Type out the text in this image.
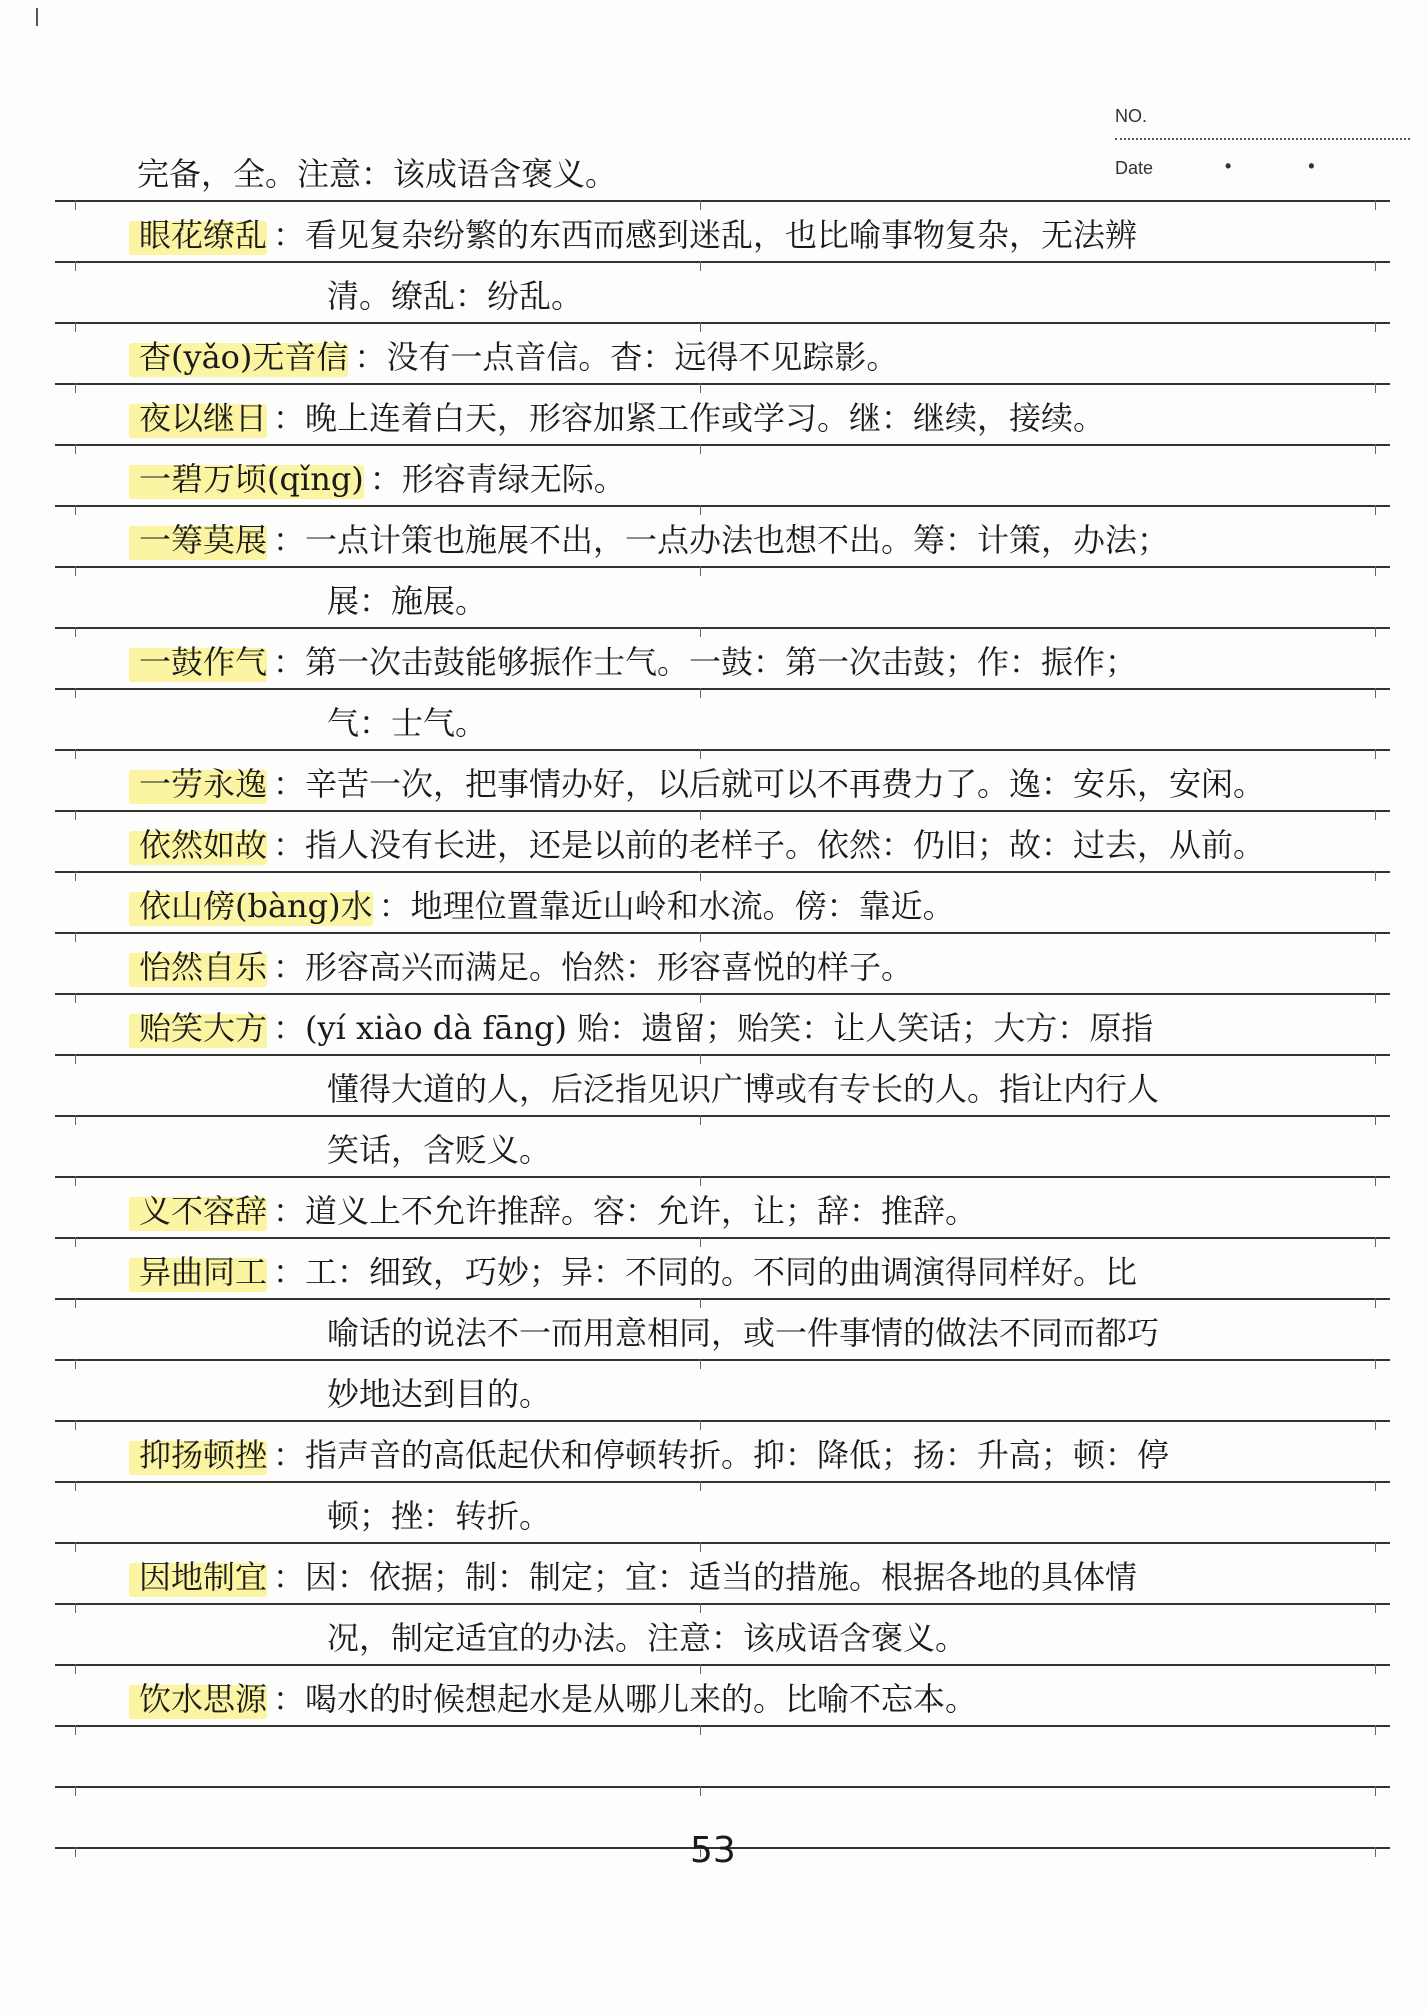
NO.
Date	• •
完备，全。注意：该成语含褒义。
眼花缭乱 ：看见复杂纷繁的东西而感到迷乱，也比喻事物复杂，无法辨
清。缭乱：纷乱。
杳(yǎo)无音信 ：没有一点音信。杳：远得不见踪影。
夜以继日 ：晚上连着白天，形容加紧工作或学习。继：继续，接续。
一碧万顷(qǐng) ：形容青绿无际。
一筹莫展 ：一点计策也施展不出，一点办法也想不出。筹：计策，办法；
展：施展。
一鼓作气 ：第一次击鼓能够振作士气。一鼓：第一次击鼓；作：振作；
气：士气。
一劳永逸 ：辛苦一次，把事情办好，以后就可以不再费力了。逸：安乐，安闲。
依然如故 ：指人没有长进，还是以前的老样子。依然：仍旧；故：过去，从前。
依山傍(bàng)水 ：地理位置靠近山岭和水流。傍：靠近。
怡然自乐 ：形容高兴而满足。怡然：形容喜悦的样子。
贻笑大方 ：(yí xiào dà fāng) 贻：遗留；贻笑：让人笑话；大方：原指
懂得大道的人，后泛指见识广博或有专长的人。指让内行人
笑话，含贬义。
义不容辞 ：道义上不允许推辞。容：允许，让；辞：推辞。
异曲同工 ：工：细致，巧妙；异：不同的。不同的曲调演得同样好。比
喻话的说法不一而用意相同，或一件事情的做法不同而都巧
妙地达到目的。
抑扬顿挫 ：指声音的高低起伏和停顿转折。抑：降低；扬：升高；顿：停
顿；挫：转折。
因地制宜 ：因：依据；制：制定；宜：适当的措施。根据各地的具体情
况，制定适宜的办法。注意：该成语含褒义。
饮水思源 ：喝水的时候想起水是从哪儿来的。比喻不忘本。
53
